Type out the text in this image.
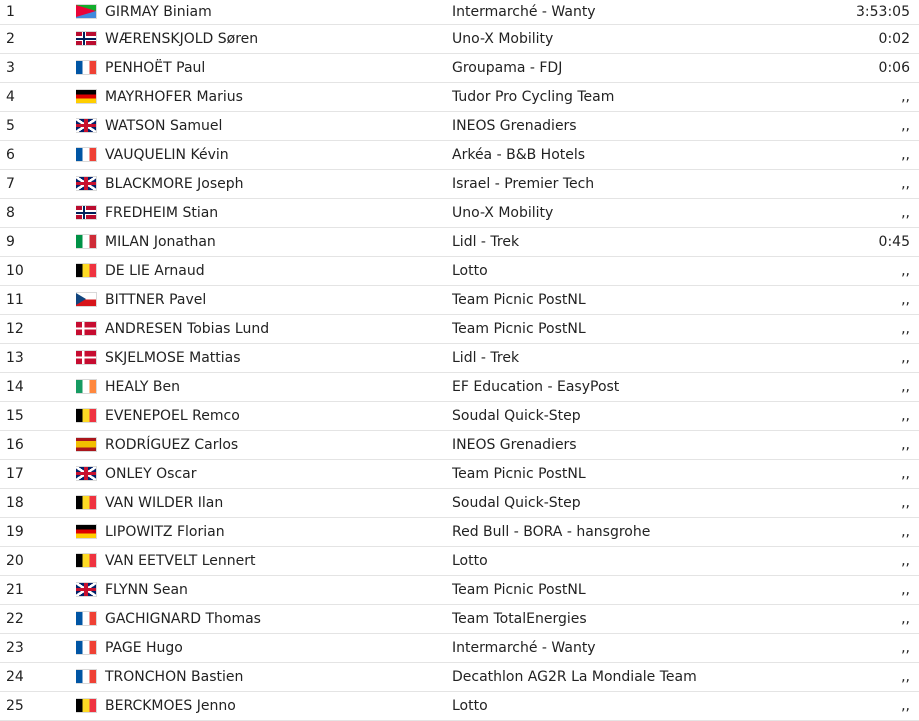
1	GIRMAY Biniam	Intermarché - Wanty	3:53:05
2	WÆRENSKJOLD Søren	Uno-X Mobility	0:02
3	PENHOËT Paul	Groupama - FDJ	0:06
4	MAYRHOFER Marius	Tudor Pro Cycling Team	,,
5	WATSON Samuel	INEOS Grenadiers	,,
6	VAUQUELIN Kévin	Arkéa - B&B Hotels	,,
7	BLACKMORE Joseph	Israel - Premier Tech	,,
8	FREDHEIM Stian	Uno-X Mobility	,,
9	MILAN Jonathan	Lidl - Trek	0:45
10	DE LIE Arnaud	Lotto	,,
11	BITTNER Pavel	Team Picnic PostNL	,,
12	ANDRESEN Tobias Lund	Team Picnic PostNL	,,
13	SKJELMOSE Mattias	Lidl - Trek	,,
14	HEALY Ben	EF Education - EasyPost	,,
15	EVENEPOEL Remco	Soudal Quick-Step	,,
16	RODRÍGUEZ Carlos	INEOS Grenadiers	,,
17	ONLEY Oscar	Team Picnic PostNL	,,
18	VAN WILDER Ilan	Soudal Quick-Step	,,
19	LIPOWITZ Florian	Red Bull - BORA - hansgrohe	,,
20	VAN EETVELT Lennert	Lotto	,,
21	FLYNN Sean	Team Picnic PostNL	,,
22	GACHIGNARD Thomas	Team TotalEnergies	,,
23	PAGE Hugo	Intermarché - Wanty	,,
24	TRONCHON Bastien	Decathlon AG2R La Mondiale Team	,,
25	BERCKMOES Jenno	Lotto	,,
